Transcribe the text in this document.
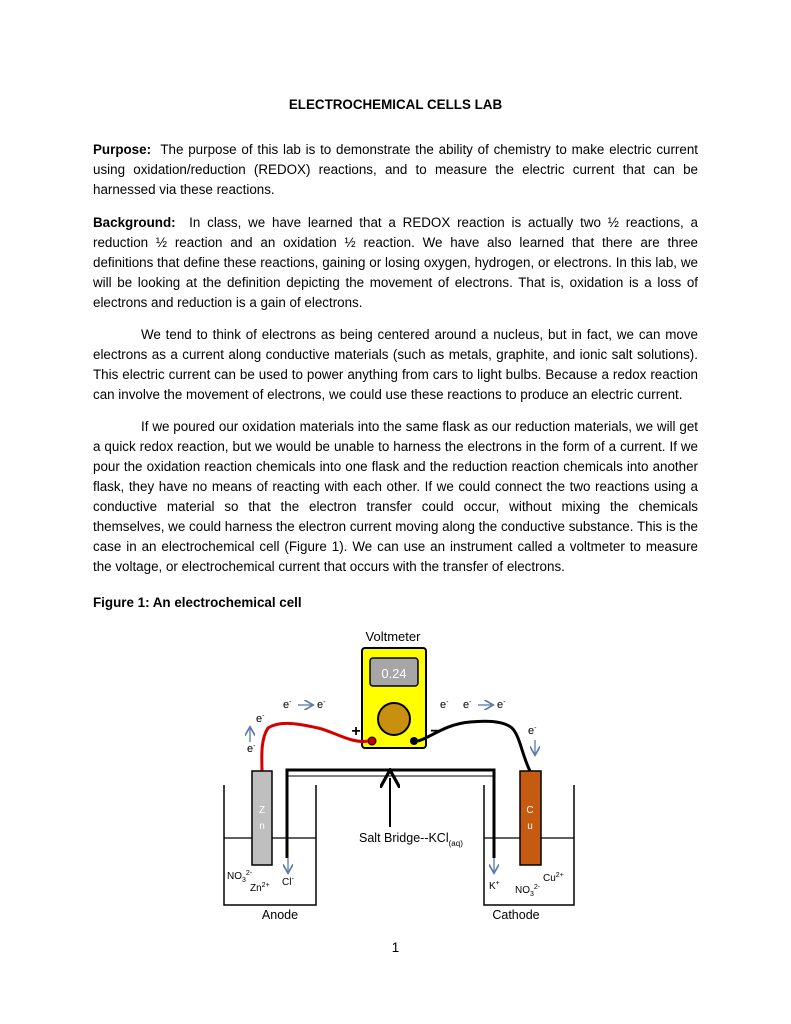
ELECTROCHEMICAL CELLS LAB
Purpose: The purpose of this lab is to demonstrate the ability of chemistry to make electric current using oxidation/reduction (REDOX) reactions, and to measure the electric current that can be harnessed via these reactions.
Background: In class, we have learned that a REDOX reaction is actually two ½ reactions, a reduction ½ reaction and an oxidation ½ reaction. We have also learned that there are three definitions that define these reactions, gaining or losing oxygen, hydrogen, or electrons. In this lab, we will be looking at the definition depicting the movement of electrons. That is, oxidation is a loss of electrons and reduction is a gain of electrons.
We tend to think of electrons as being centered around a nucleus, but in fact, we can move electrons as a current along conductive materials (such as metals, graphite, and ionic salt solutions). This electric current can be used to power anything from cars to light bulbs. Because a redox reaction can involve the movement of electrons, we could use these reactions to produce an electric current.
If we poured our oxidation materials into the same flask as our reduction materials, we will get a quick redox reaction, but we would be unable to harness the electrons in the form of a current. If we pour the oxidation reaction chemicals into one flask and the reduction reaction chemicals into another flask, they have no means of reacting with each other. If we could connect the two reactions using a conductive material so that the electron transfer could occur, without mixing the chemicals themselves, we could harness the electron current moving along the conductive substance. This is the case in an electrochemical cell (Figure 1). We can use an instrument called a voltmeter to measure the voltage, or electrochemical current that occurs with the transfer of electrons.
Figure 1: An electrochemical cell
Voltmeter
0.24
+	−
e-
e-
e- e-	e- e- e-
e-
Z
n
C
u
Salt Bridge--KCl$_{(aq)}$
$NO_3^{2-}$
$Zn^{2+}$ Cl-
K+
$NO_3^{2-}$
$Cu^{2+}$
Anode	Cathode
1
